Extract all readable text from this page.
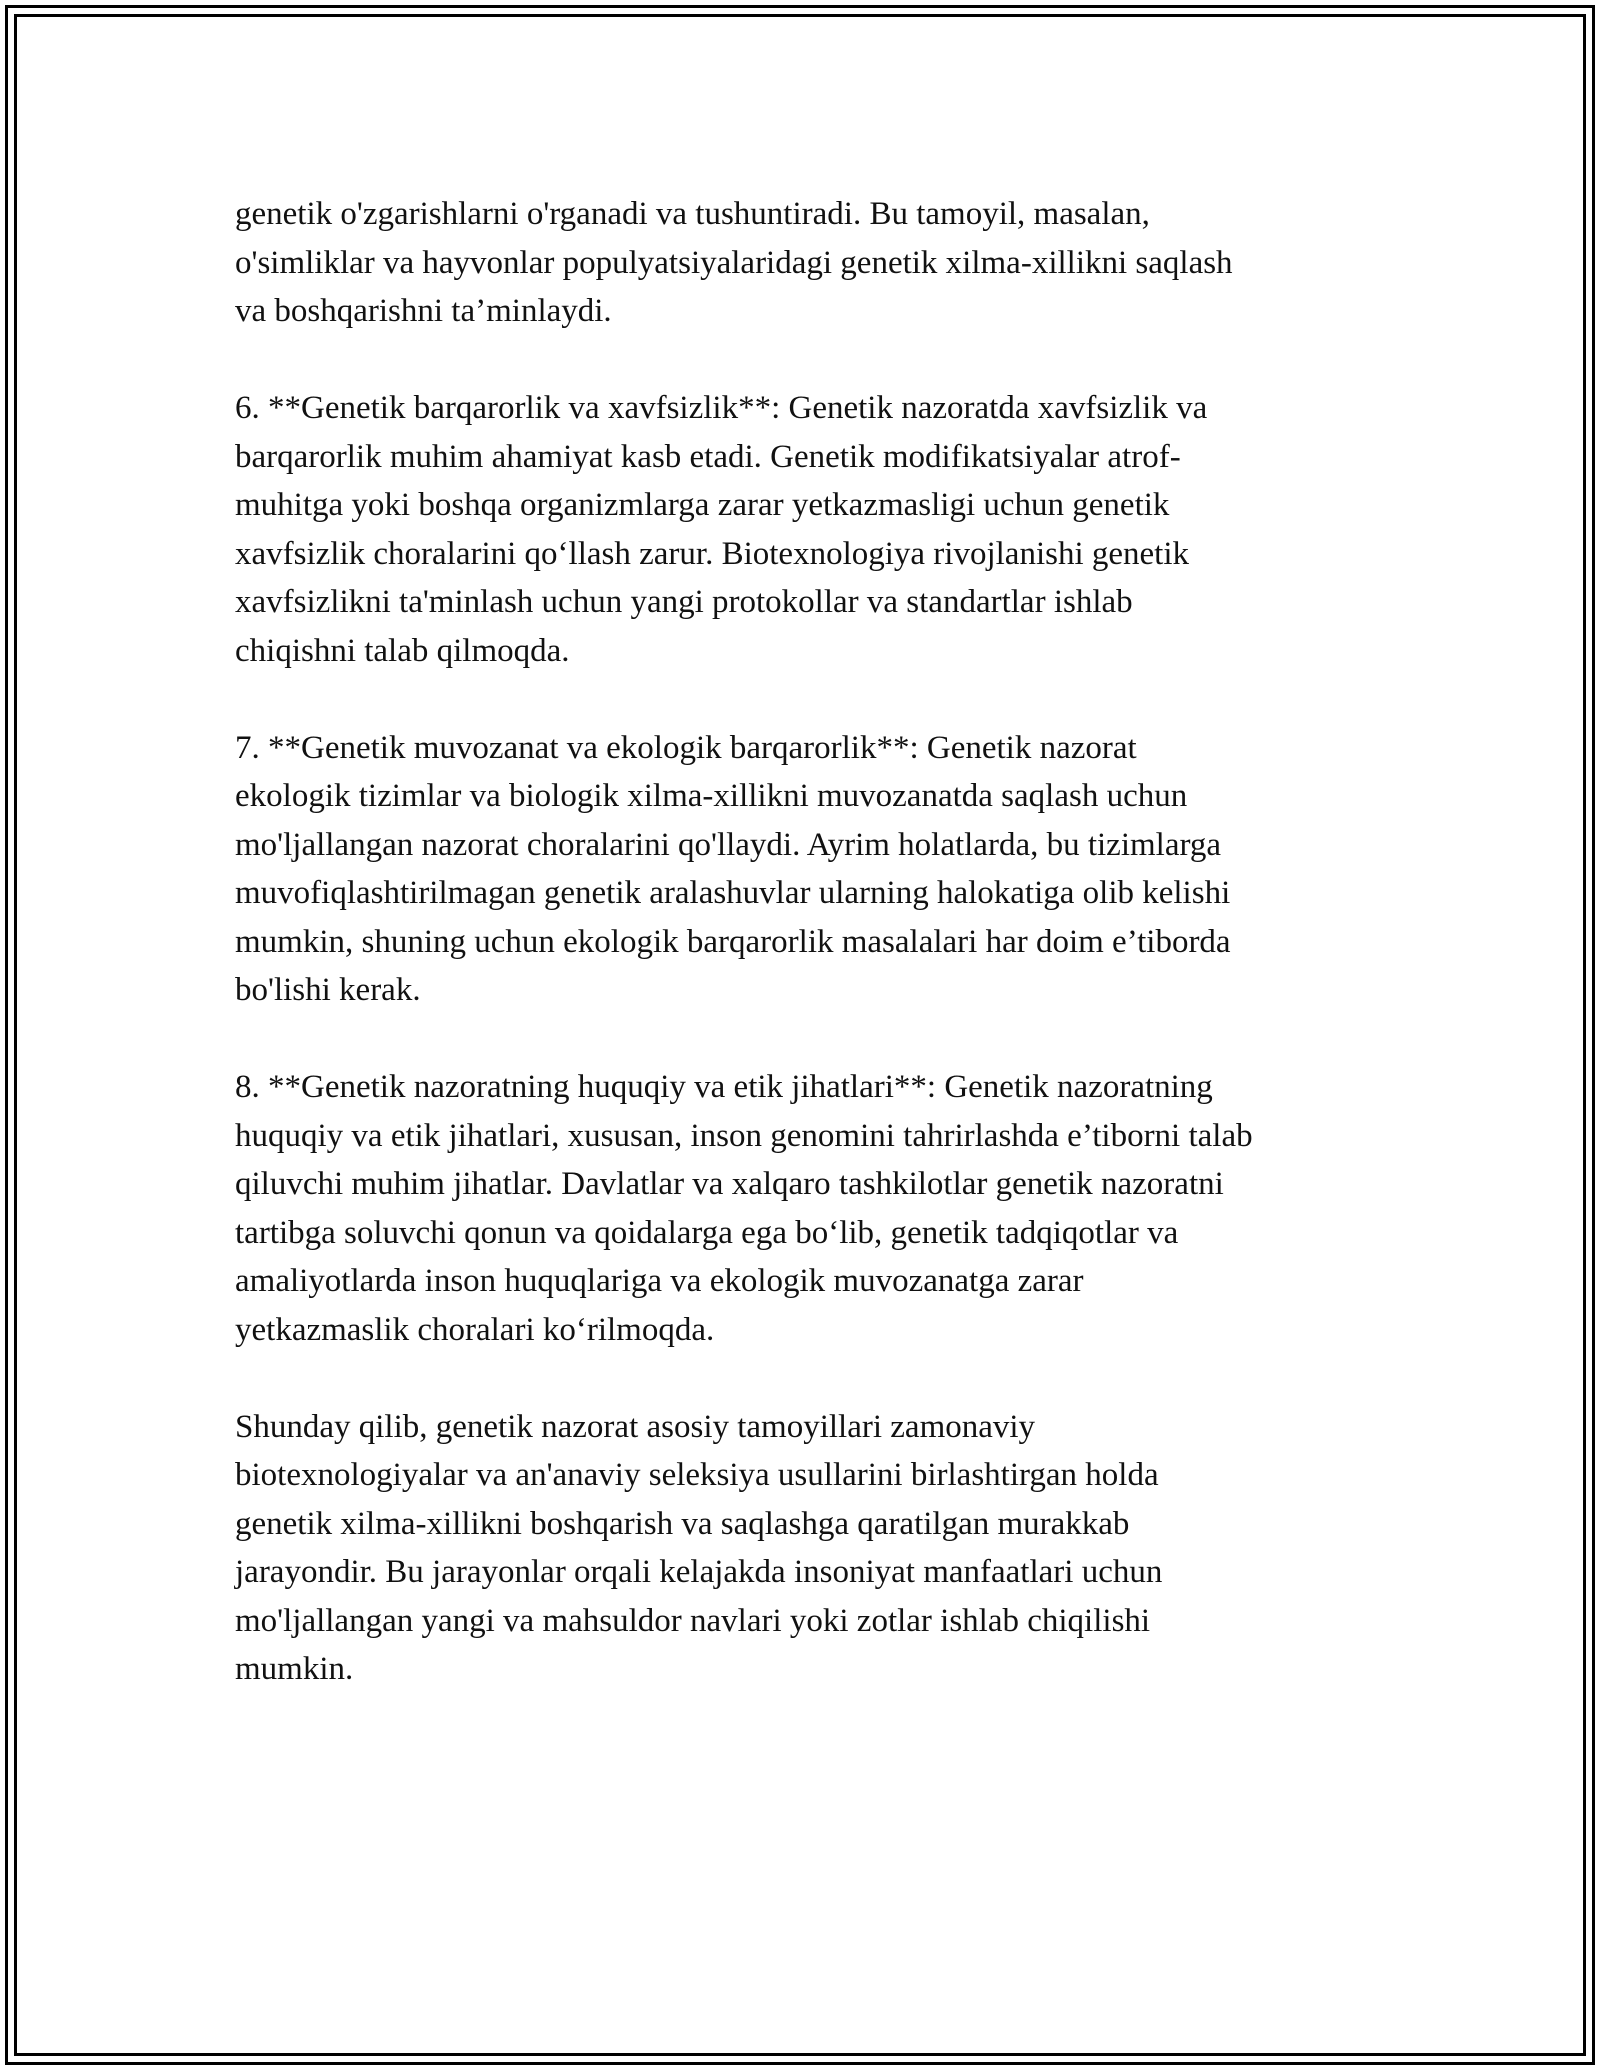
genetik o'zgarishlarni o'rganadi va tushuntiradi. Bu tamoyil, masalan,
o'simliklar va hayvonlar populyatsiyalaridagi genetik xilma-xillikni saqlash
va boshqarishni ta’minlaydi.

6. **Genetik barqarorlik va xavfsizlik**: Genetik nazoratda xavfsizlik va
barqarorlik muhim ahamiyat kasb etadi. Genetik modifikatsiyalar atrof-
muhitga yoki boshqa organizmlarga zarar yetkazmasligi uchun genetik
xavfsizlik choralarini qo‘llash zarur. Biotexnologiya rivojlanishi genetik
xavfsizlikni ta'minlash uchun yangi protokollar va standartlar ishlab
chiqishni talab qilmoqda.

7. **Genetik muvozanat va ekologik barqarorlik**: Genetik nazorat
ekologik tizimlar va biologik xilma-xillikni muvozanatda saqlash uchun
mo'ljallangan nazorat choralarini qo'llaydi. Ayrim holatlarda, bu tizimlarga
muvofiqlashtirilmagan genetik aralashuvlar ularning halokatiga olib kelishi
mumkin, shuning uchun ekologik barqarorlik masalalari har doim e’tiborda
bo'lishi kerak.

8. **Genetik nazoratning huquqiy va etik jihatlari**: Genetik nazoratning
huquqiy va etik jihatlari, xususan, inson genomini tahrirlashda e’tiborni talab
qiluvchi muhim jihatlar. Davlatlar va xalqaro tashkilotlar genetik nazoratni
tartibga soluvchi qonun va qoidalarga ega bo‘lib, genetik tadqiqotlar va
amaliyotlarda inson huquqlariga va ekologik muvozanatga zarar
yetkazmaslik choralari ko‘rilmoqda.

Shunday qilib, genetik nazorat asosiy tamoyillari zamonaviy
biotexnologiyalar va an'anaviy seleksiya usullarini birlashtirgan holda
genetik xilma-xillikni boshqarish va saqlashga qaratilgan murakkab
jarayondir. Bu jarayonlar orqali kelajakda insoniyat manfaatlari uchun
mo'ljallangan yangi va mahsuldor navlari yoki zotlar ishlab chiqilishi
mumkin.
